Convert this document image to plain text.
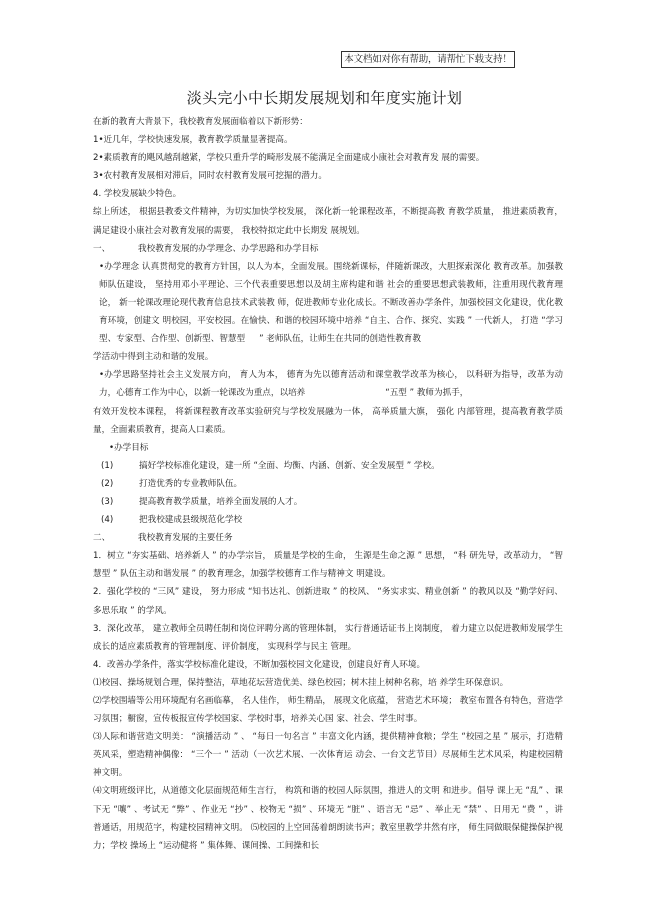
本文档如对你有帮助，请帮忙下载支持！
淡头完小中长期发展规划和年度实施计划

在新的教育大背景下，我校教育发展面临着以下新形势：

1•近几年，学校快速发展，教育教学质量显著提高。

2•素质教育的飓风越刮越紧，学校只重升学的畸形发展不能满足全面建成小康社会对教育发 展的需要。

3•农村教育发展相对滞后，同时农村教育发展可挖掘的潜力。

4. 学校发展缺少特色。

综上所述， 根据县教委文件精神，为切实加快学校发展， 深化新一轮课程改革，不断提高教 育教学质量， 推进素质教育， 满足建设小康社会对教育发展的需要， 我校特拟定此中长期发 展规划。

一、	我校教育发展的办学理念、办学思路和办学目标

•办学理念 认真贯彻党的教育方针国，以人为本，全面发展。围绕新课标，伴随新课改，大胆探索深化 教育改革。加强教师队伍建设， 坚持用邓小平理论、三个代表重要思想以及胡主席构建和谐 社会的重要思想武装教师，注重用现代教育理论， 新一轮课改理论现代教育信息技术武装教 师，促进教师专业化成长。不断改善办学条件，加强校园文化建设，优化教育环境，创建文 明校园，平安校园。在愉快、和谐的校园环境中培养 “自主、合作、探究、实践 ” 一代新人， 打造 “学习型、专家型、合作型、创新型、智慧型 ” 老师队伍，让师生在共同的创造性教育教

学活动中得到主动和谐的发展。

•办学思路坚持社会主义发展方向， 育人为本， 德育为先以德育活动和课堂教学改革为核心， 以科研为指导，改革为动力，心德育工作为中心，以新一轮课改为重点，以培养	“五型 ” 教师为抓手，

有效开发校本课程， 将新课程教育改革实验研究与学校发展融为一体， 高举质量大旗， 强化 内部管理，提高教育教学质量，全面素质教育，提高人口素质。

•办学目标

(1)	搞好学校标准化建设，建一所 “全面、均衡、内涵、创新、安全发展型 ” 学校。
(2)	打造优秀的专业教师队伍。
(3)	提高教育教学质量，培养全面发展的人才。
(4)	把我校建成县级规范化学校
二、	我校教育发展的主要任务

1．树立 “夯实基础、培养新人 ” 的办学宗旨， 质量是学校的生命， 生源是生命之源 ” 思想， “科 研先导，改革动力， “智慧型 ” 队伍主动和谐发展 ” 的教育理念，加强学校德育工作与精神文 明建设。

2．强化学校的 “三风” 建设， 努力形成 “知书达礼、创新进取 ” 的校风、 “务实求实、精业创新 ” 的教风以及 “勤学好问、多思乐取 ” 的学风。

3．深化改革， 建立教师全员聘任制和岗位评聘分离的管理体制， 实行普通话证书上岗制度， 着力建立以促进教师发展学生成长的适应素质教育的管理制度、评价制度， 实现科学与民主 管理。

4．改善办学条件，落实学校标准化建设，不断加强校园文化建设，创建良好育人环境。

⑴校园、操场规划合理，保持整洁，草地花坛营造优美、绿色校园；树木挂上树种名称，培 养学生环保意识。

⑵学校围墙等公用环境配有名画临摹， 名人佳作， 师生精品， 展现文化底蕴， 营造艺术环境； 教室布置各有特色，营造学习氛围；橱窗，宣传板报宣传学校国家、学校时事，培养关心国 家、社会、学生时事。

⑶人际和谐营造文明美： “演播活动 ” 、 “每日一句名言 ” 丰富文化内涵，提供精神食粮；学生 “校园之星 ” 展示，打造精英风采，塑造精神偶像： “三个一 ” 活动（一次艺术展、一次体育运 动会、一台文艺节目）尽展师生艺术风采，构建校园精神文明。

⑷文明班级评比，从道德文化层面规范师生言行， 构筑和谐的校园人际氛围，推进人的文明 和进步。倡导 课上无 “乱” 、课下无 “嚷” 、考试无 “弊” 、作业无 “抄” 、校物无 “损” 、环境无 “脏” 、语言无 “忌” 、举止无 “禁” 、日用无 “费 ” ，讲普通话，用规范字，构建校园精神文明。 ⑸校园的上空回荡着朗朗读书声；教室里教学井然有序， 师生同做眼保健操保护视力；学校 操场上 “运动健将 ” 集体舞、课间操、工间操和长
